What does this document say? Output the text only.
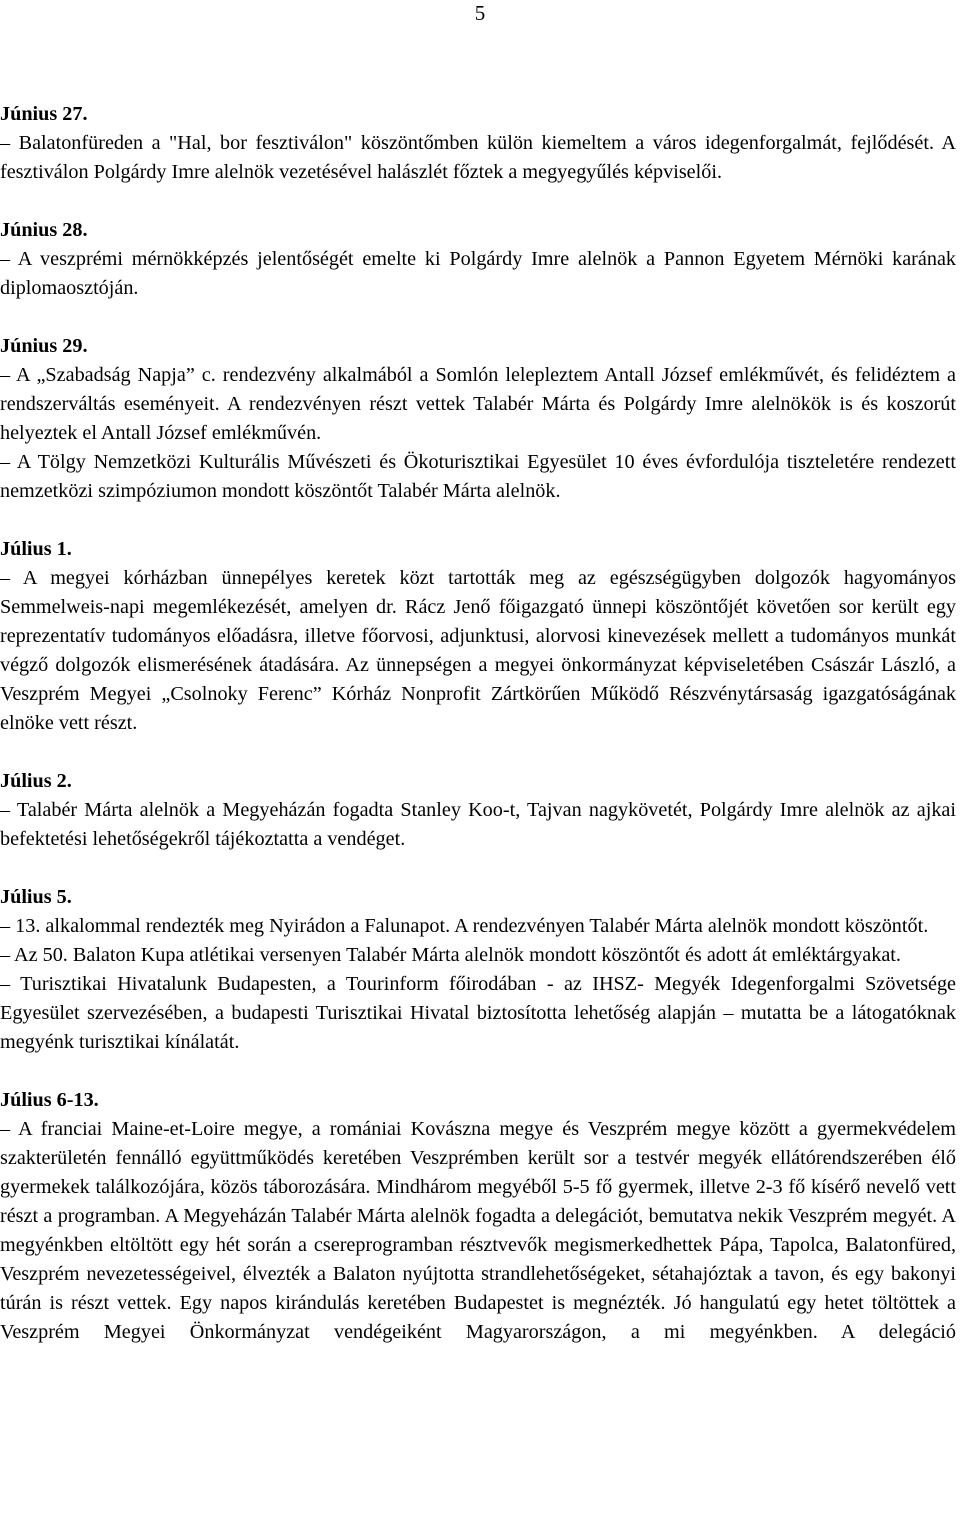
5
Június 27.
– Balatonfüreden a "Hal, bor fesztiválon" köszöntőmben külön kiemeltem a város idegenforgalmát, fejlődését. A fesztiválon Polgárdy Imre alelnök vezetésével halászlét főztek a megyegyűlés képviselői.
Június 28.
– A veszprémi mérnökképzés jelentőségét emelte ki Polgárdy Imre alelnök a Pannon Egyetem Mérnöki karának diplomaosztóján.
Június 29.
– A „Szabadság Napja” c. rendezvény alkalmából a Somlón lelepleztem Antall József emlékművét, és felidéztem a rendszerváltás eseményeit. A rendezvényen részt vettek Talabér Márta és Polgárdy Imre alelnökök is és koszorút helyeztek el Antall József emlékművén.
– A Tölgy Nemzetközi Kulturális Művészeti és Ökoturisztikai Egyesület 10 éves évfordulója tiszteletére rendezett nemzetközi szimpóziumon mondott köszöntőt Talabér Márta alelnök.
Július 1.
– A megyei kórházban ünnepélyes keretek közt tartották meg az egészségügyben dolgozók hagyományos Semmelweis-napi megemlékezését, amelyen dr. Rácz Jenő főigazgató ünnepi köszöntőjét követően sor került egy reprezentatív tudományos előadásra, illetve főorvosi, adjunktusi, alorvosi kinevezések mellett a tudományos munkát végző dolgozók elismerésének átadására. Az ünnepségen a megyei önkormányzat képviseletében Császár László, a Veszprém Megyei „Csolnoky Ferenc” Kórház Nonprofit Zártkörűen Működő Részvénytársaság igazgatóságának elnöke vett részt.
Július 2.
– Talabér Márta alelnök a Megyeházán fogadta Stanley Koo-t, Tajvan nagykövetét, Polgárdy Imre alelnök az ajkai befektetési lehetőségekről tájékoztatta a vendéget.
Július 5.
– 13. alkalommal rendezték meg Nyirádon a Falunapot. A rendezvényen Talabér Márta alelnök mondott köszöntőt.
– Az 50. Balaton Kupa atlétikai versenyen Talabér Márta alelnök mondott köszöntőt és adott át emléktárgyakat.
– Turisztikai Hivatalunk Budapesten, a Tourinform főirodában - az IHSZ- Megyék Idegenforgalmi Szövetsége Egyesület szervezésében, a budapesti Turisztikai Hivatal biztosította lehetőség alapján – mutatta be a látogatóknak megyénk turisztikai kínálatát.
Július 6-13.
– A franciai Maine-et-Loire megye, a romániai Kovászna megye és Veszprém megye között a gyermekvédelem szakterületén fennálló együttműködés keretében Veszprémben került sor a testvér megyék ellátórendszerében élő gyermekek találkozójára, közös táborozására. Mindhárom megyéből 5-5 fő gyermek, illetve 2-3 fő kísérő nevelő vett részt a programban. A Megyeházán Talabér Márta alelnök fogadta a delegációt, bemutatva nekik Veszprém megyét. A megyénkben eltöltött egy hét során a csereprogramban résztvevők megismerkedhettek Pápa, Tapolca, Balatonfüred, Veszprém nevezetességeivel, élvezték a Balaton nyújtotta strandlehetőségeket, sétahajóztak a tavon, és egy bakonyi túrán is részt vettek. Egy napos kirándulás keretében Budapestet is megnézték. Jó hangulatú egy hetet töltöttek a Veszprém Megyei Önkormányzat vendégeiként Magyarországon, a mi megyénkben. A delegáció
